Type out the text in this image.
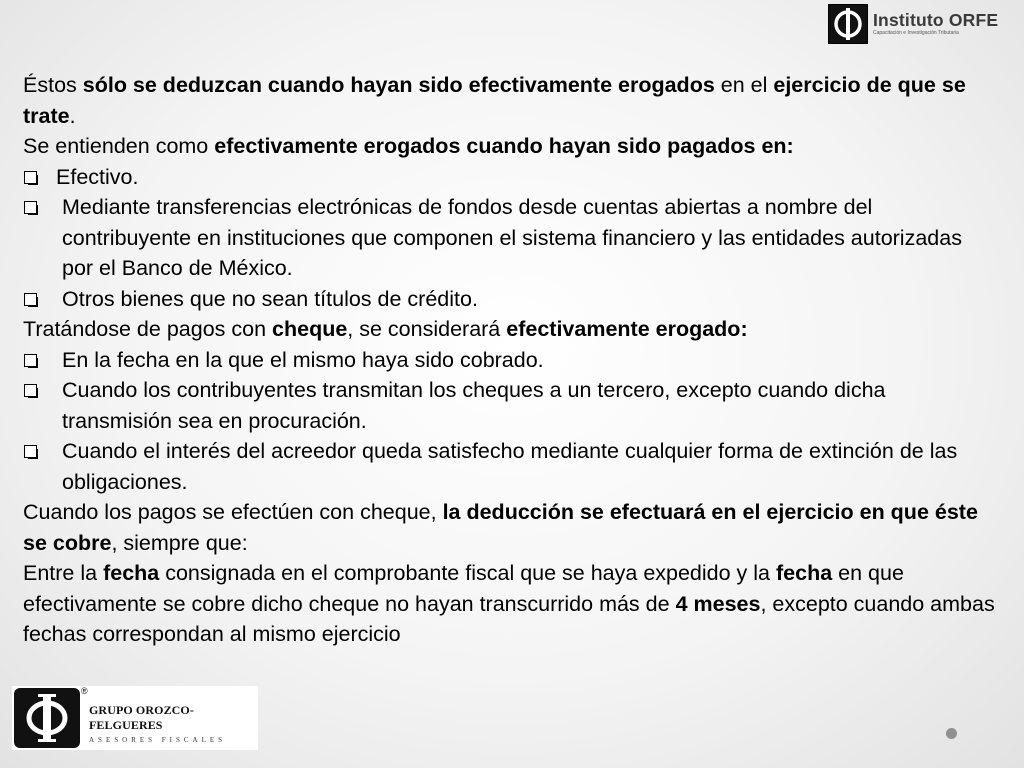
Instituto ORFE
Capacitación e Investigación Tributaria

Éstos sólo se deduzcan cuando hayan sido efectivamente erogados en el ejercicio de que se trate.

Se entienden como efectivamente erogados cuando hayan sido pagados en:

Efectivo.
Mediante transferencias electrónicas de fondos desde cuentas abiertas a nombre del contribuyente en instituciones que componen el sistema financiero y las entidades autorizadas por el Banco de México.
Otros bienes que no sean títulos de crédito.

Tratándose de pagos con cheque, se considerará efectivamente erogado:

En la fecha en la que el mismo haya sido cobrado.
Cuando los contribuyentes transmitan los cheques a un tercero, excepto cuando dicha transmisión sea en procuración.
Cuando el interés del acreedor queda satisfecho mediante cualquier forma de extinción de las obligaciones.

Cuando los pagos se efectúen con cheque, la deducción se efectuará en el ejercicio en que éste se cobre, siempre que:

Entre la fecha consignada en el comprobante fiscal que se haya expedido y la fecha en que efectivamente se cobre dicho cheque no hayan transcurrido más de 4 meses, excepto cuando ambas fechas correspondan al mismo ejercicio

®
GRUPO OROZCO-FELGUERES
ASESORES FISCALES
